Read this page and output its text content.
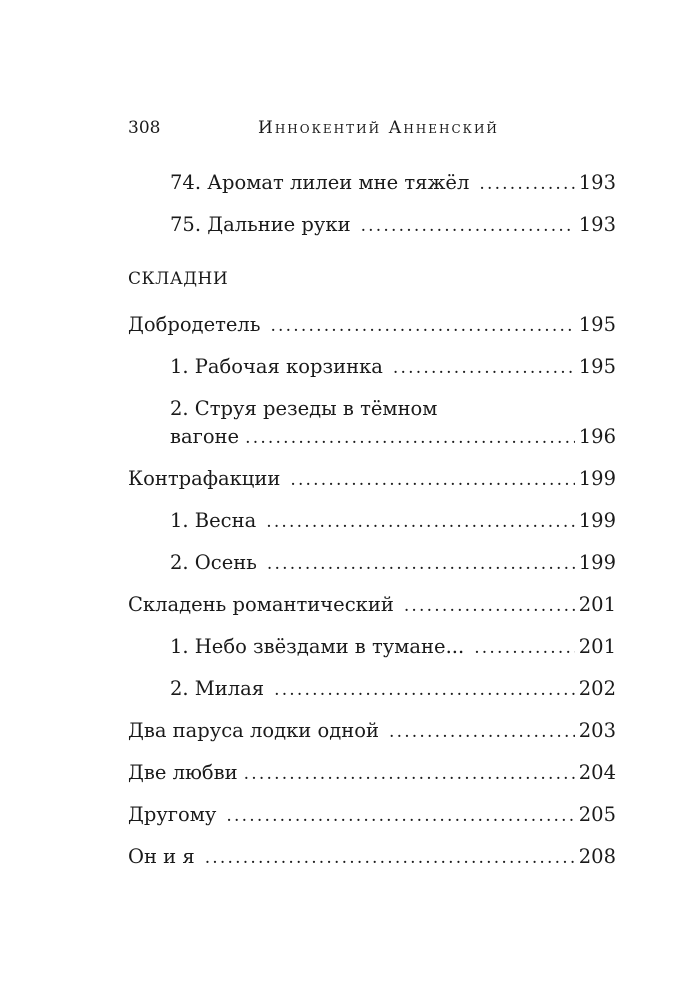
308	Иннокентий Анненский
74. Аромат лилеи мне тяжёл . . .	193
75. Дальние руки . . .	193
СКЛАДНИ
Добродетель . . .	195
1. Рабочая корзинка . . .	195
2. Струя резеды в тёмном
вагоне . . .	196
Контрафакции . . .	199
1. Весна . . .	199
2. Осень . . .	199
Складень романтический . . .	201
1. Небо звёздами в тумане... . . .	201
2. Милая . . .	202
Два паруса лодки одной . . .	203
Две любви . . .	204
Другому . . .	205
Он и я . . .	208
